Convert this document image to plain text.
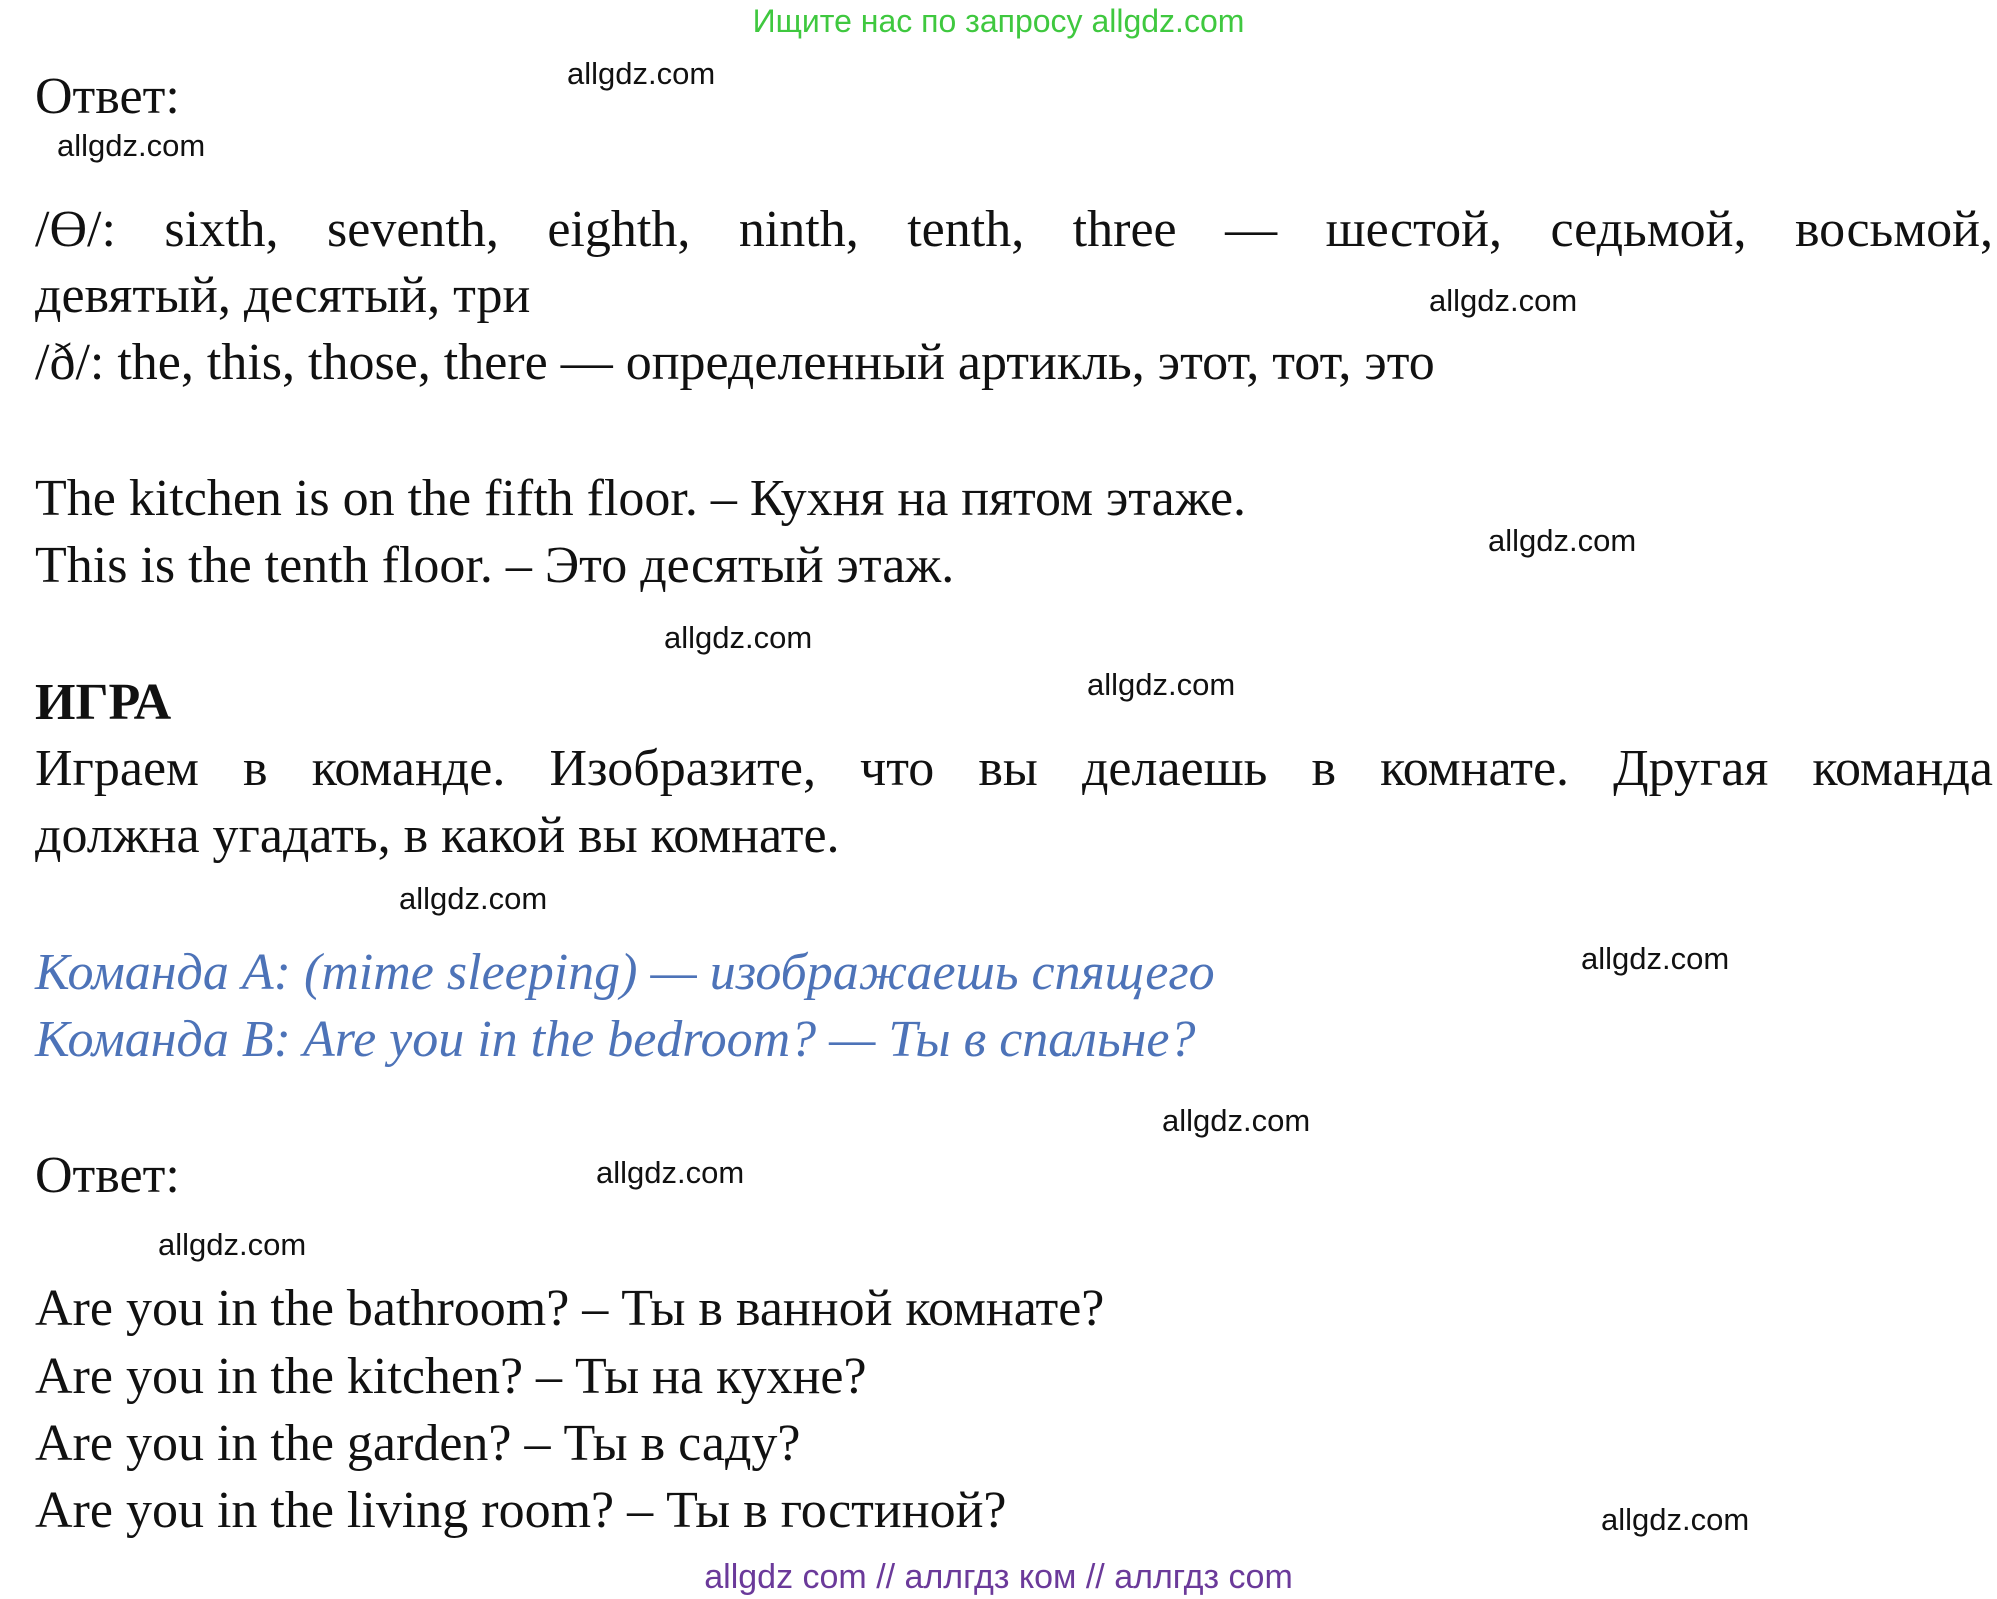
Ищите нас по запросу allgdz.com
Ответ:	allgdz.com
allgdz.com
/ϴ/: sixth, seventh, eighth, ninth, tenth, three — шестой, седьмой, восьмой,
девятый, десятый, три	allgdz.com
/ð/: the, this, those, there — определенный артикль, этот, тот, это
The kitchen is on the fifth floor. – Кухня на пятом этаже.
allgdz.com
This is the tenth floor. – Это десятый этаж.
allgdz.com
ИГРА	allgdz.com
Играем в команде. Изобразите, что вы делаешь в комнате. Другая команда
должна угадать, в какой вы комнате.
allgdz.com
Команда A: (mime sleeping) — изображаешь спящего	allgdz.com
Команда B: Are you in the bedroom? — Ты в спальне?
allgdz.com
Ответ:	allgdz.com
allgdz.com
Are you in the bathroom? – Ты в ванной комнате?
Are you in the kitchen? – Ты на кухне?
Are you in the garden? – Ты в саду?
Are you in the living room? – Ты в гостиной?	allgdz.com
allgdz com // аллгдз ком // аллгдз com
